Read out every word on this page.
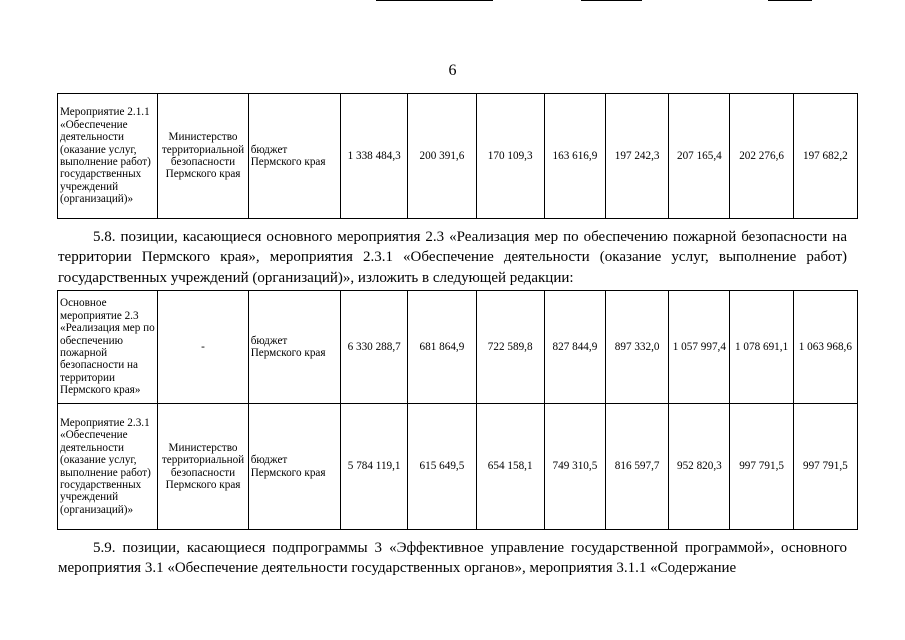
6
Мероприятие 2.1.1 «Обеспечение деятельности (оказание услуг, выполнение работ) государственных учреждений (организаций)»	Министерство территориальной безопасности Пермского края	бюджет Пермского края	1 338 484,3	200 391,6	170 109,3	163 616,9	197 242,3	207 165,4	202 276,6	197 682,2
5.8. позиции, касающиеся основного мероприятия 2.3 «Реализация мер по обеспечению пожарной безопасности на территории Пермского края», мероприятия 2.3.1 «Обеспечение деятельности (оказание услуг, выполнение работ) государственных учреждений (организаций)», изложить в следующей редакции:
Основное мероприятие 2.3 «Реализация мер по обеспечению пожарной безопасности на территории Пермского края»	-	бюджет Пермского края	6 330 288,7	681 864,9	722 589,8	827 844,9	897 332,0	1 057 997,4	1 078 691,1	1 063 968,6
Мероприятие 2.3.1 «Обеспечение деятельности (оказание услуг, выполнение работ) государственных учреждений (организаций)»	Министерство территориальной безопасности Пермского края	бюджет Пермского края	5 784 119,1	615 649,5	654 158,1	749 310,5	816 597,7	952 820,3	997 791,5	997 791,5
5.9. позиции, касающиеся подпрограммы 3 «Эффективное управление государственной программой», основного мероприятия 3.1 «Обеспечение деятельности государственных органов», мероприятия 3.1.1 «Содержание
